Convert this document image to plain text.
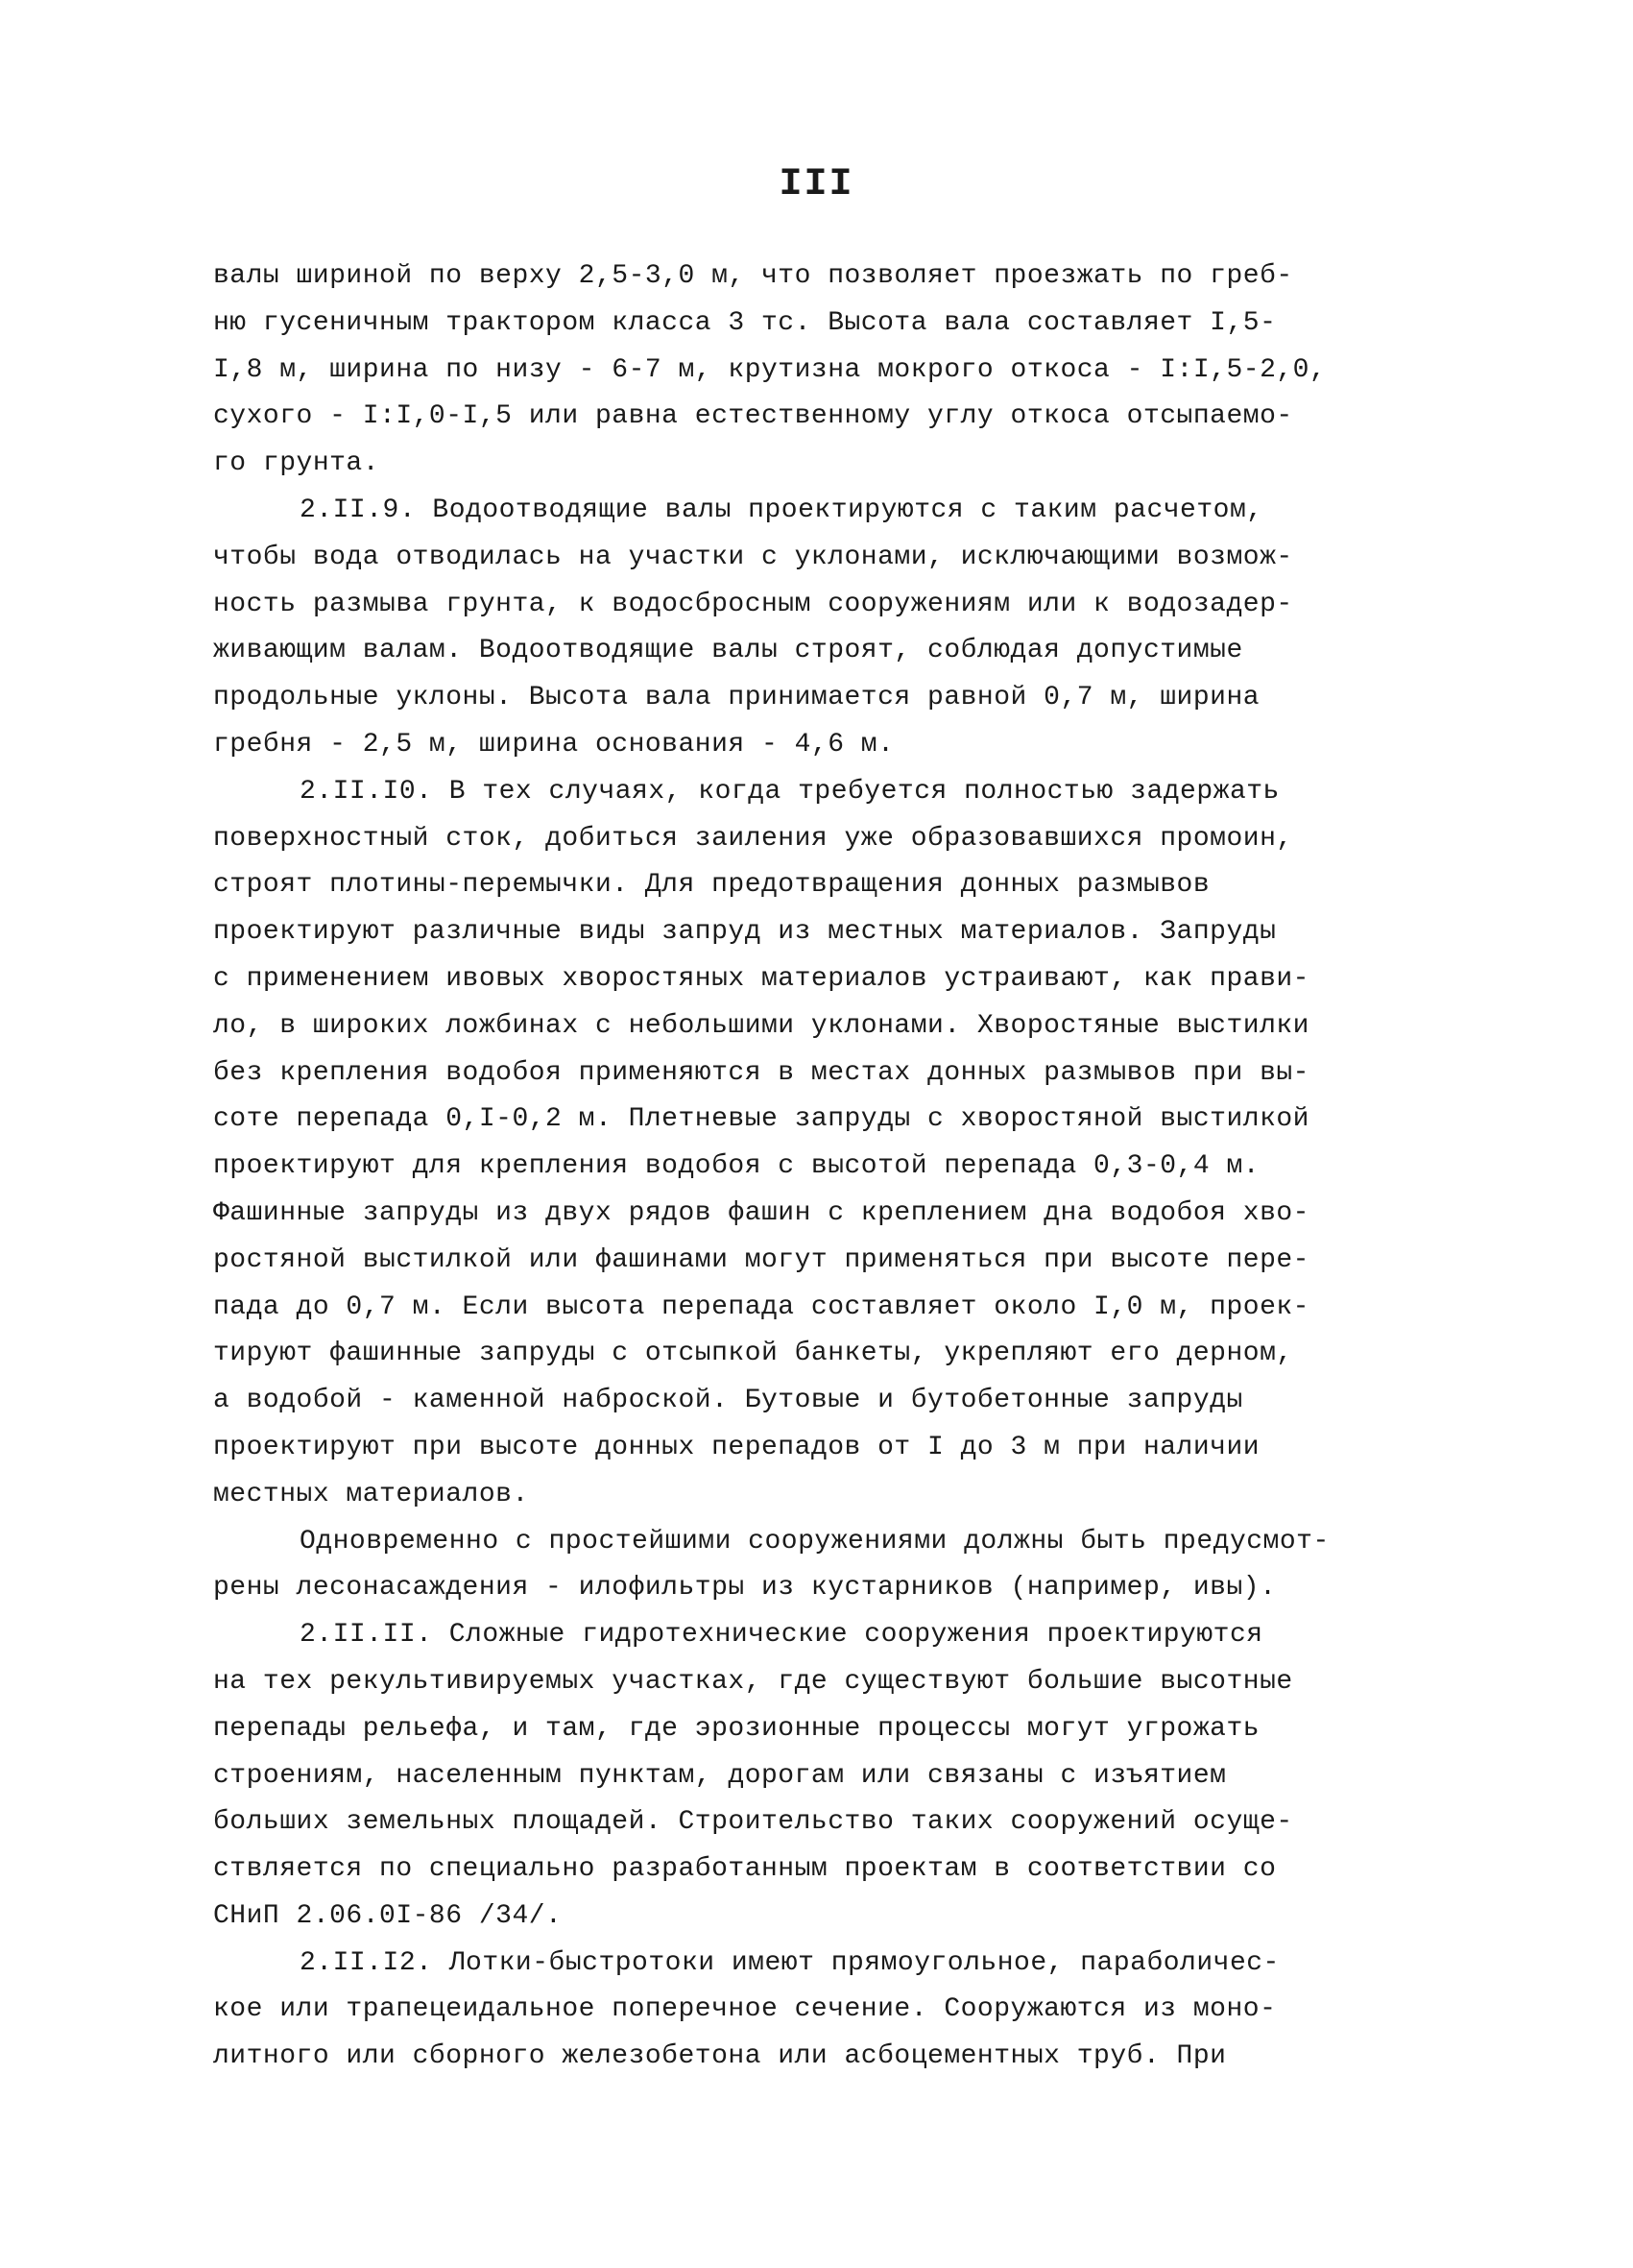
III
валы шириной по верху 2,5-3,0 м, что позволяет проезжать по греб-
ню гусеничным трактором класса 3 тс. Высота вала составляет I,5-
I,8 м, ширина по низу - 6-7 м, крутизна мокрого откоса - I:I,5-2,0,
сухого - I:I,0-I,5 или равна естественному углу откоса отсыпаемо-
го грунта.
2.II.9. Водоотводящие валы проектируются с таким расчетом,
чтобы вода отводилась на участки с уклонами, исключающими возмож-
ность размыва грунта, к водосбросным сооружениям или к водозадер-
живающим валам. Водоотводящие валы строят, соблюдая допустимые
продольные уклоны. Высота вала принимается равной 0,7 м, ширина
гребня - 2,5 м, ширина основания - 4,6 м.
2.II.I0. В тех случаях, когда требуется полностью задержать
поверхностный сток, добиться заиления уже образовавшихся промоин,
строят плотины-перемычки. Для предотвращения донных размывов
проектируют различные виды запруд из местных материалов. Запруды
с применением ивовых хворостяных материалов устраивают, как прави-
ло, в широких ложбинах с небольшими уклонами. Хворостяные выстилки
без крепления водобоя применяются в местах донных размывов при вы-
соте перепада 0,I-0,2 м. Плетневые запруды с хворостяной выстилкой
проектируют для крепления водобоя с высотой перепада 0,3-0,4 м.
Фашинные запруды из двух рядов фашин с креплением дна водобоя хво-
ростяной выстилкой или фашинами могут применяться при высоте пере-
пада до 0,7 м. Если высота перепада составляет около I,0 м, проек-
тируют фашинные запруды с отсыпкой банкеты, укрепляют его дерном,
а водобой - каменной наброской. Бутовые и бутобетонные запруды
проектируют при высоте донных перепадов от I до 3 м при наличии
местных материалов.
Одновременно с простейшими сооружениями должны быть предусмот-
рены лесонасаждения - илофильтры из кустарников (например, ивы).
2.II.II. Сложные гидротехнические сооружения проектируются
на тех рекультивируемых участках, где существуют большие высотные
перепады рельефа, и там, где эрозионные процессы могут угрожать
строениям, населенным пунктам, дорогам или связаны с изъятием
больших земельных площадей. Строительство таких сооружений осуще-
ствляется по специально разработанным проектам в соответствии со
СНиП 2.06.0I-86 /34/.
2.II.I2. Лотки-быстротоки имеют прямоугольное, параболичес-
кое или трапецеидальное поперечное сечение. Сооружаются из моно-
литного или сборного железобетона или асбоцементных труб. При
